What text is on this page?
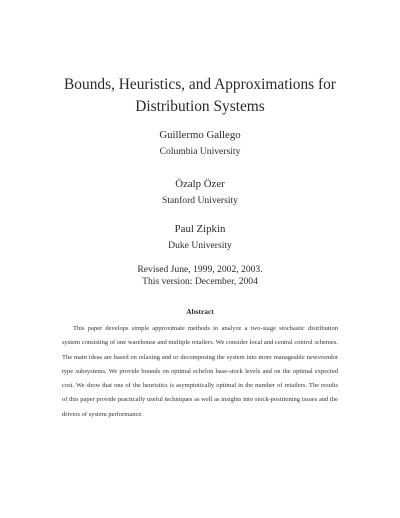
Bounds, Heuristics, and Approximations for Distribution Systems
Guillermo Gallego
Columbia University
Özalp Özer
Stanford University
Paul Zipkin
Duke University
Revised June, 1999, 2002, 2003.
This version: December, 2004
Abstract
This paper develops simple approximate methods to analyze a two-stage stochastic distribution system consisting of one warehouse and multiple retailers. We consider local and central control schemes. The main ideas are based on relaxing and or decomposing the system into more manageable newsvendor type subsystems. We provide bounds on optimal echelon base-stock levels and on the optimal expected cost. We show that one of the heuristics is asymptotically optimal in the number of retailers. The results of this paper provide practically useful techniques as well as insights into stock-positioning issues and the drivers of system performance.
